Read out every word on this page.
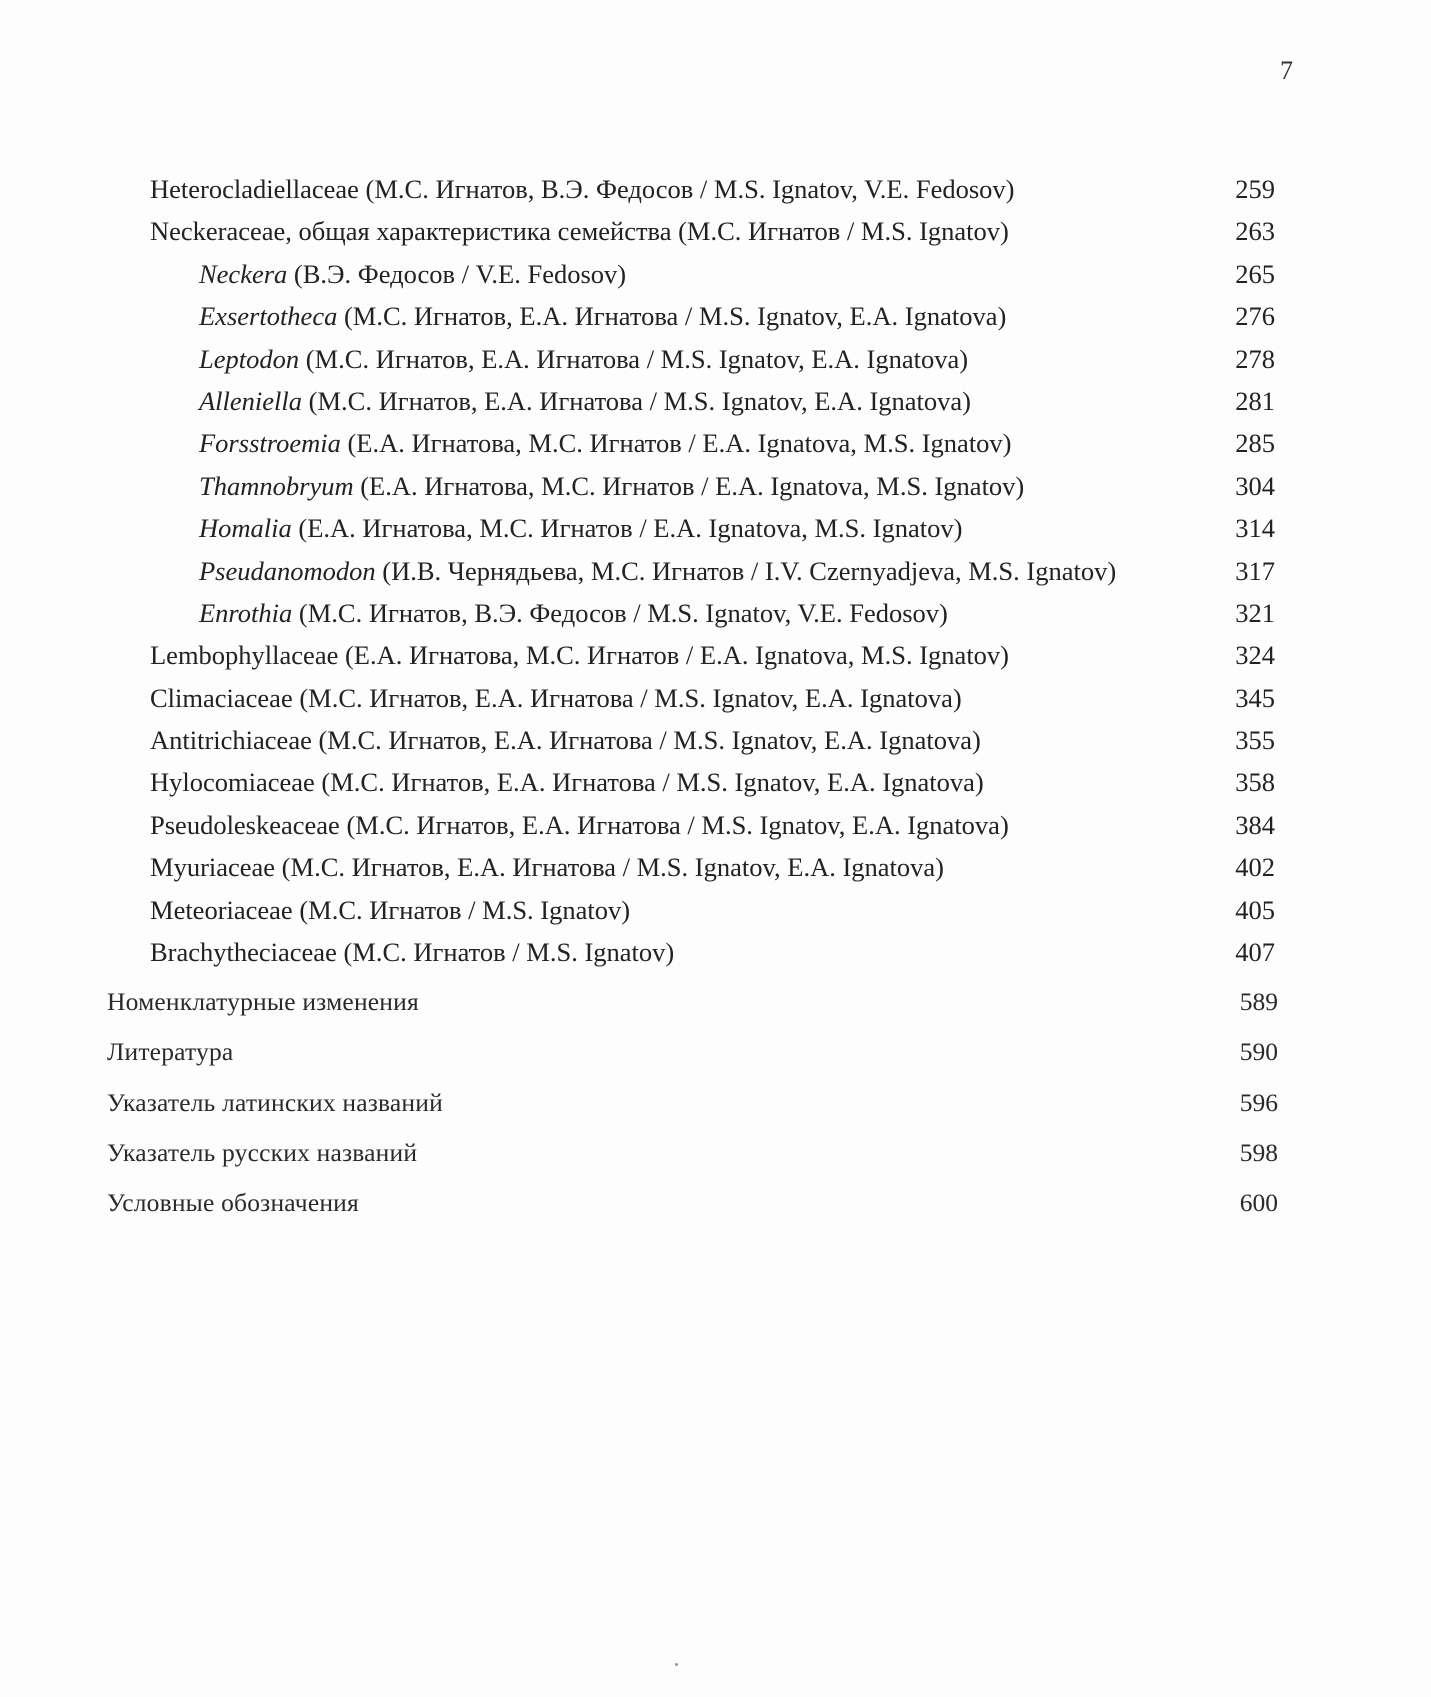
7
Heterocladiellaceae (М.С. Игнатов, В.Э. Федосов / M.S. Ignatov, V.E. Fedosov)	259
Neckeraceae, общая характеристика семейства (М.С. Игнатов / M.S. Ignatov)	263
Neckera (В.Э. Федосов / V.E. Fedosov)	265
Exsertotheca (М.С. Игнатов, Е.А. Игнатова / M.S. Ignatov, E.A. Ignatova)	276
Leptodon (М.С. Игнатов, Е.А. Игнатова / M.S. Ignatov, E.A. Ignatova)	278
Alleniella (М.С. Игнатов, Е.А. Игнатова / M.S. Ignatov, E.A. Ignatova)	281
Forsstroemia (Е.А. Игнатова, М.С. Игнатов / E.A. Ignatova, M.S. Ignatov)	285
Thamnobryum (Е.А. Игнатова, М.С. Игнатов / E.A. Ignatova, M.S. Ignatov)	304
Homalia (Е.А. Игнатова, М.С. Игнатов / E.A. Ignatova, M.S. Ignatov)	314
Pseudanomodon (И.В. Чернядьева, М.С. Игнатов / I.V. Czernyadjeva, M.S. Ignatov)	317
Enrothia (М.С. Игнатов, В.Э. Федосов / M.S. Ignatov, V.E. Fedosov)	321
Lembophyllaceae (Е.А. Игнатова, М.С. Игнатов / E.A. Ignatova, M.S. Ignatov)	324
Climaciaceae (М.С. Игнатов, Е.А. Игнатова / M.S. Ignatov, E.A. Ignatova)	345
Antitrichiaceae (М.С. Игнатов, Е.А. Игнатова / M.S. Ignatov, E.A. Ignatova)	355
Hylocomiaceae (М.С. Игнатов, Е.А. Игнатова / M.S. Ignatov, E.A. Ignatova)	358
Pseudoleskeaceae (М.С. Игнатов, Е.А. Игнатова / M.S. Ignatov, E.A. Ignatova)	384
Myuriaceae (М.С. Игнатов, Е.А. Игнатова / M.S. Ignatov, E.A. Ignatova)	402
Meteoriaceae (М.С. Игнатов / M.S. Ignatov)	405
Brachytheciaceae (М.С. Игнатов / M.S. Ignatov)	407
Номенклатурные изменения	589
Литература	590
Указатель латинских названий	596
Указатель русских названий	598
Условные обозначения	600
